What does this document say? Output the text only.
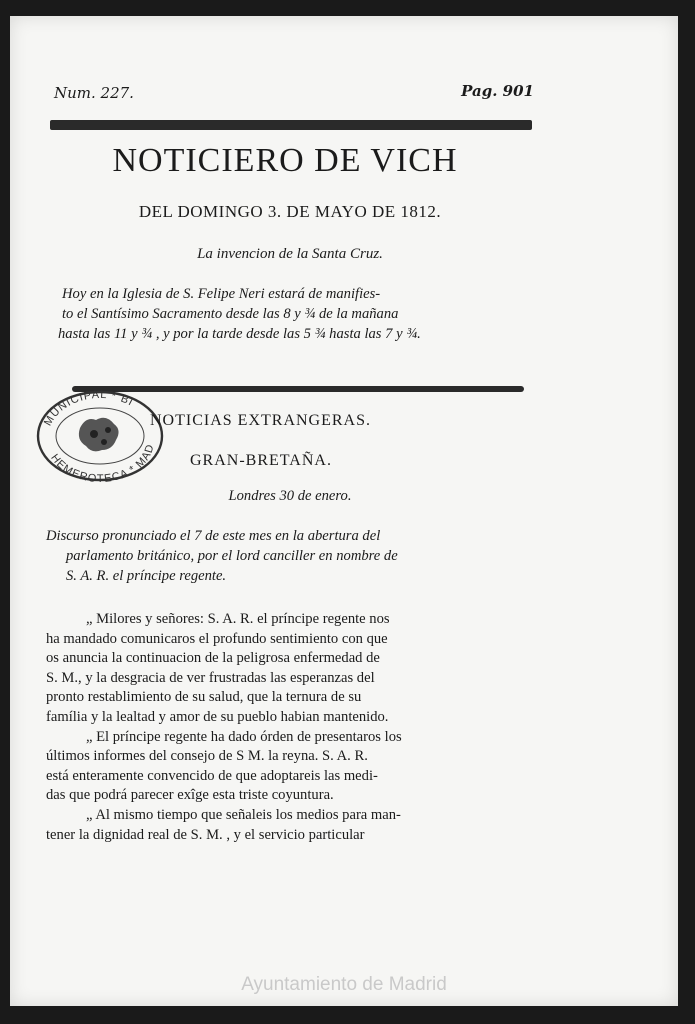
Num. 227.	Pag. 901
NOTICIERO DE VICH
DEL DOMINGO 3. DE MAYO DE 1812.
La invencion de la Santa Cruz.
Hoy en la Iglesia de S. Felipe Neri estará de manifies-
to el Santísimo Sacramento desde las 8 y ¾ de la mañana
hasta las 11 y ¾ , y por la tarde desde las 5 ¾ hasta las 7 y ¾.
MUNICIPAL * BI
HEMEROTECA * MAD
NOTICIAS EXTRANGERAS.
GRAN-BRETAÑA.
Londres 30 de enero.
Discurso pronunciado el 7 de este mes en la abertura del
parlamento británico, por el lord canciller en nombre de
S. A. R. el príncipe regente.
„ Milores y señores: S. A. R. el príncipe regente nos
ha mandado comunicaros el profundo sentimiento con que
os anuncia la continuacion de la peligrosa enfermedad de
S. M., y la desgracia de ver frustradas las esperanzas del
pronto restablimiento de su salud, que la ternura de su
família y la lealtad y amor de su pueblo habian mantenido.
„ El príncipe regente ha dado órden de presentaros los
últimos informes del consejo de S M. la reyna. S. A. R.
está enteramente convencido de que adoptareis las medi-
das que podrá parecer exîge esta triste coyuntura.
„ Al mismo tiempo que señaleis los medios para man-
tener la dignidad real de S. M. , y el servicio particular
Ayuntamiento de Madrid
